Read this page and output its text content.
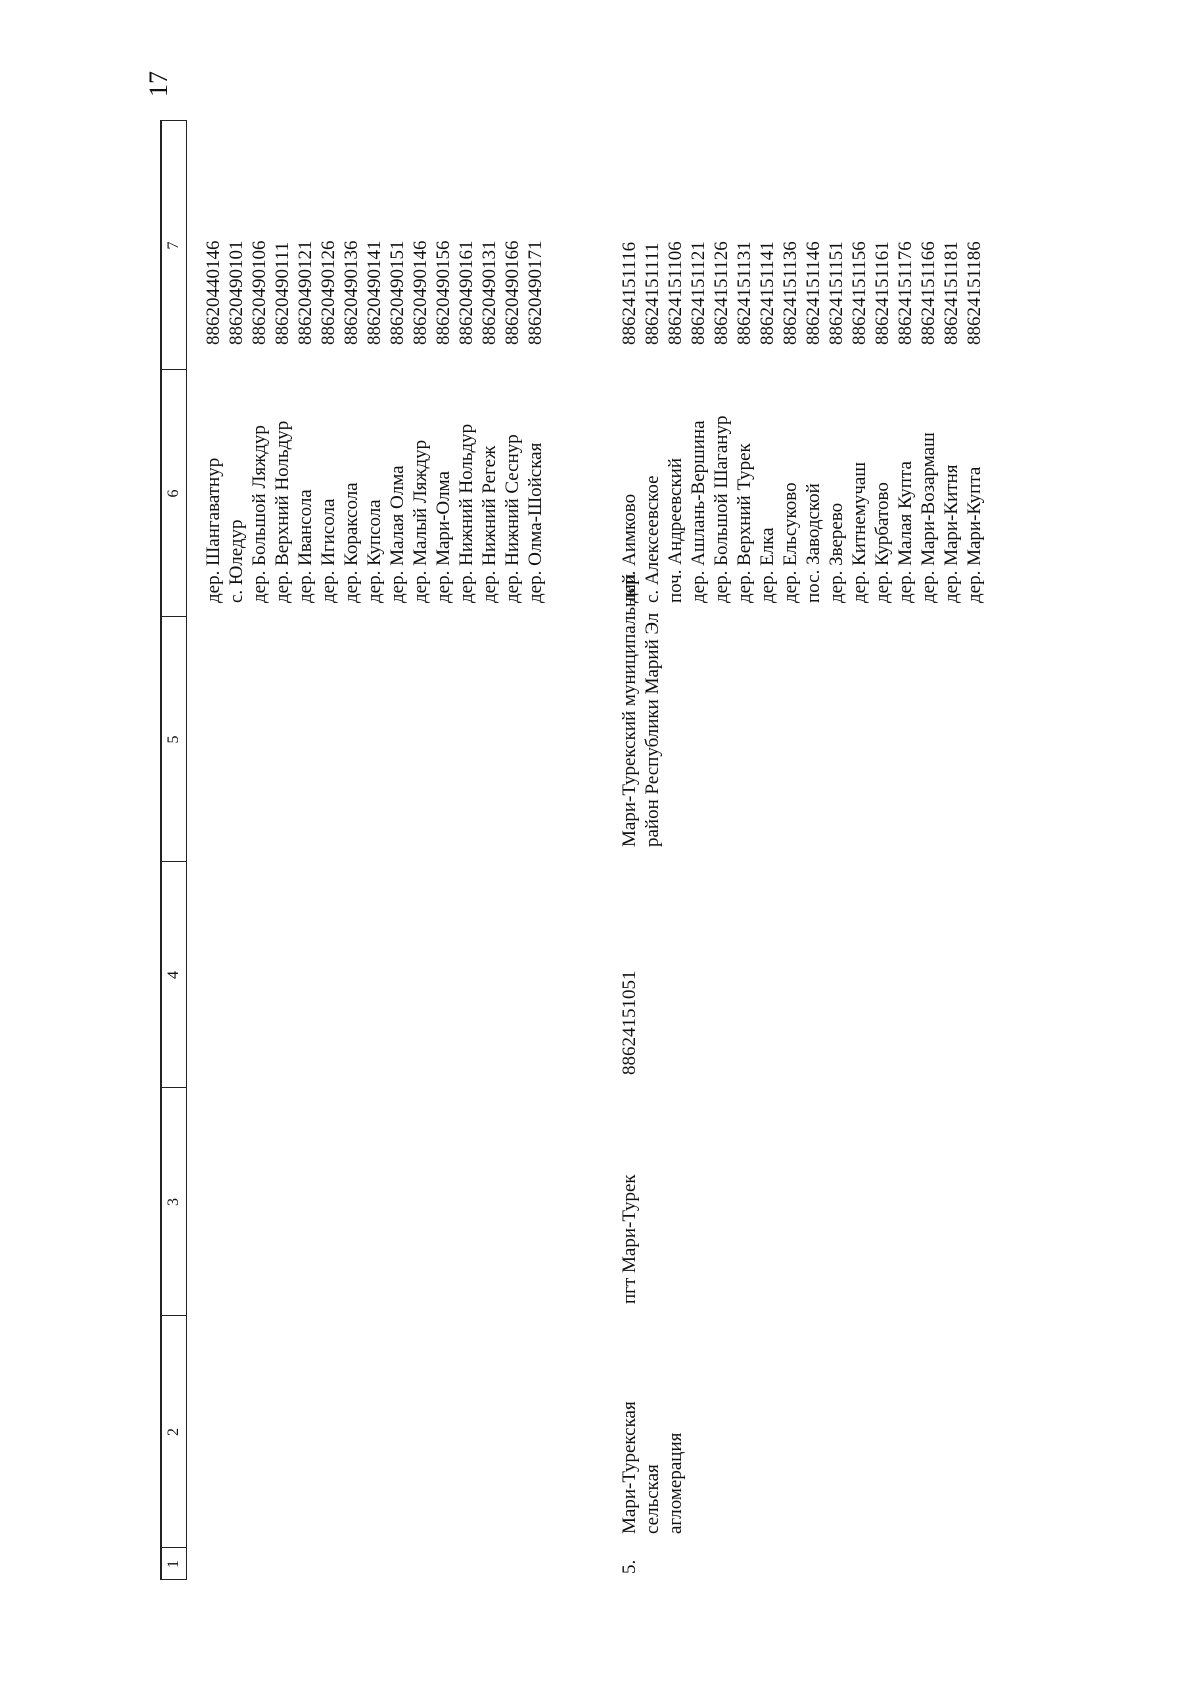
17
1
2
3
4
5
6
7
дер. Шангаватнур с. Юледур дер. Большой Ляждур дер. Верхний Нольдур дер. Ивансола дер. Игисола дер. Кораксола дер. Купсола дер. Малая Олма дер. Малый Ляждур дер. Мари-Олма дер. Нижний Нольдур дер. Нижний Регеж дер. Нижний Сеснур дер. Олма-Шойская
88620440146 88620490101 88620490106 88620490111 88620490121 88620490126 88620490136 88620490141 88620490151 88620490146 88620490156 88620490161 88620490131 88620490166 88620490171
5.
Мари-Турекская сельская агломерация
пгт Мари-Турек
88624151051
Мари-Турекский муниципальный район Республики Марий Эл
дер. Аимково с. Алексеевское поч. Андреевский дер. Ашлань-Вершина дер. Большой Шаганур дер. Верхний Турек дер. Елка дер. Ельсуково пос. Заводской дер. Зверево дер. Китнемучаш дер. Курбатово дер. Малая Купта дер. Мари-Возармаш дер. Мари-Китня дер. Мари-Купта
88624151116 88624151111 88624151106 88624151121 88624151126 88624151131 88624151141 88624151136 88624151146 88624151151 88624151156 88624151161 88624151176 88624151166 88624151181 88624151186
